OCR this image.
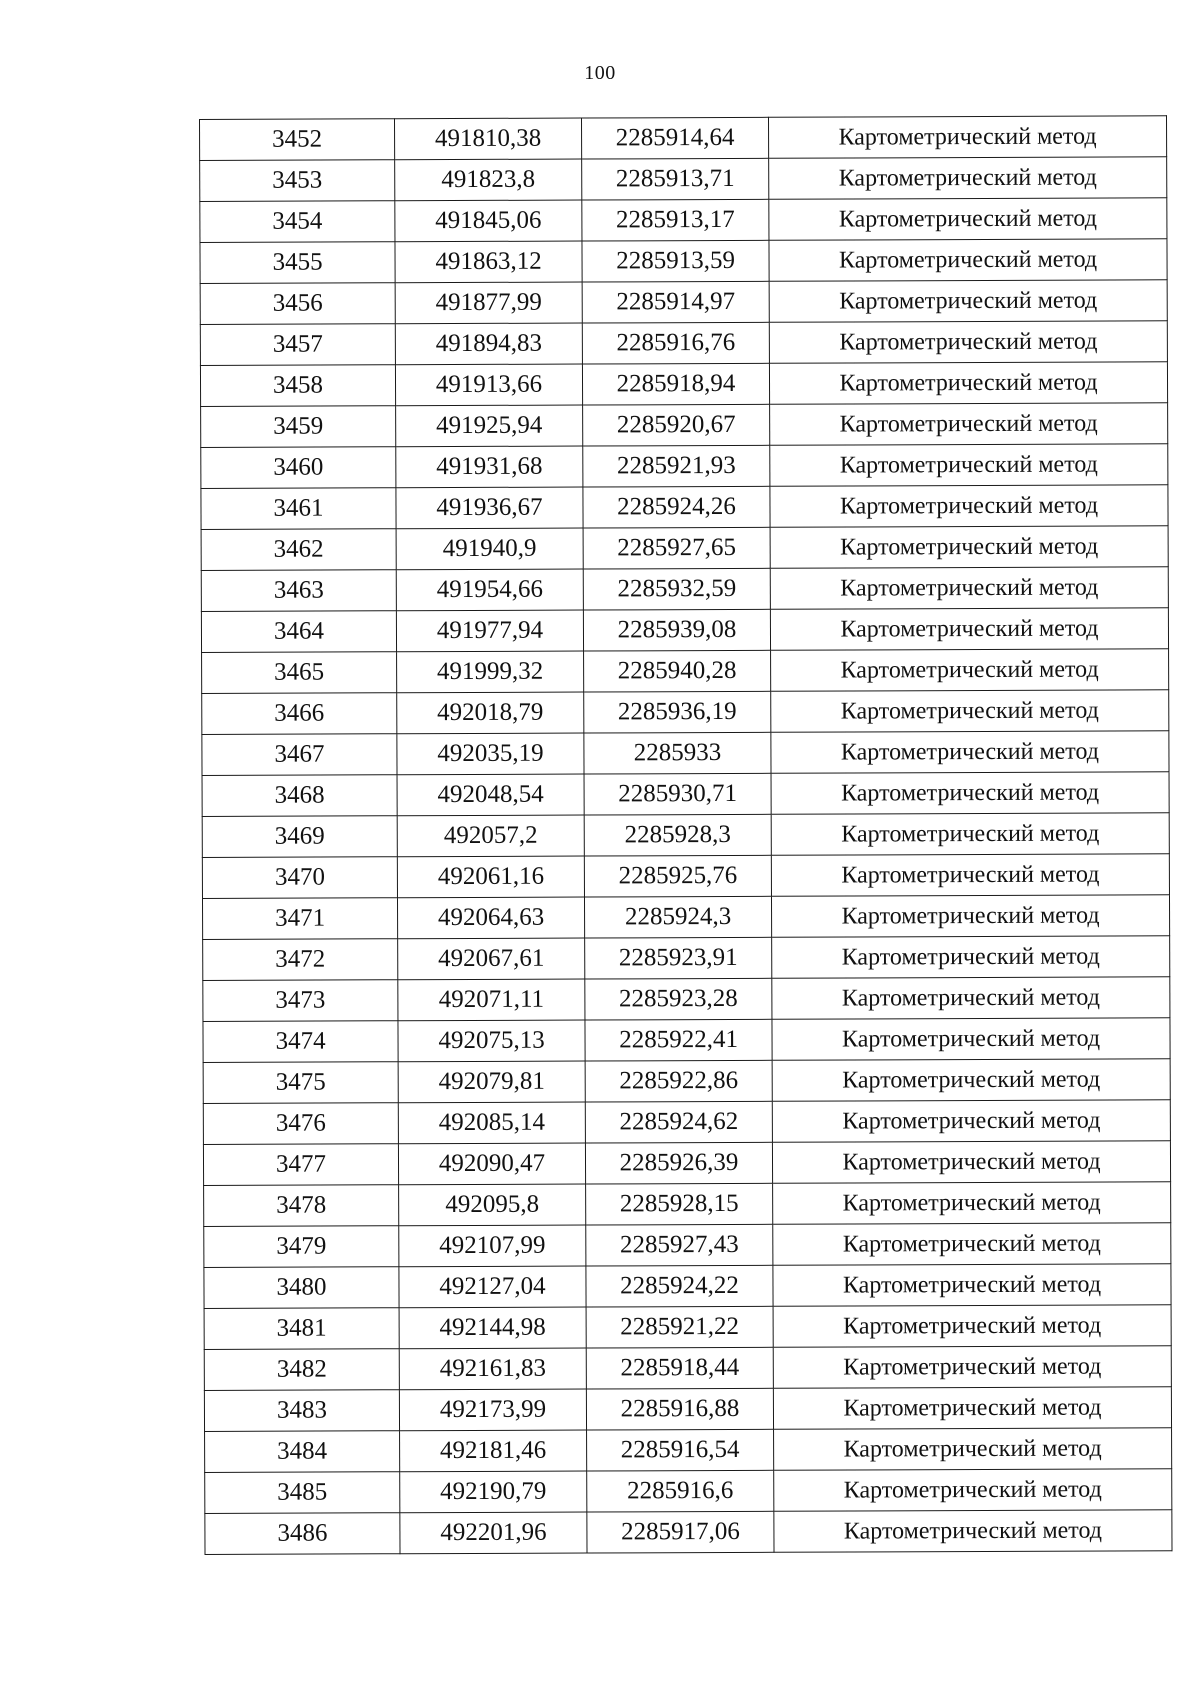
100
3452	491810,38	2285914,64	Картометрический метод
3453	491823,8	2285913,71	Картометрический метод
3454	491845,06	2285913,17	Картометрический метод
3455	491863,12	2285913,59	Картометрический метод
3456	491877,99	2285914,97	Картометрический метод
3457	491894,83	2285916,76	Картометрический метод
3458	491913,66	2285918,94	Картометрический метод
3459	491925,94	2285920,67	Картометрический метод
3460	491931,68	2285921,93	Картометрический метод
3461	491936,67	2285924,26	Картометрический метод
3462	491940,9	2285927,65	Картометрический метод
3463	491954,66	2285932,59	Картометрический метод
3464	491977,94	2285939,08	Картометрический метод
3465	491999,32	2285940,28	Картометрический метод
3466	492018,79	2285936,19	Картометрический метод
3467	492035,19	2285933	Картометрический метод
3468	492048,54	2285930,71	Картометрический метод
3469	492057,2	2285928,3	Картометрический метод
3470	492061,16	2285925,76	Картометрический метод
3471	492064,63	2285924,3	Картометрический метод
3472	492067,61	2285923,91	Картометрический метод
3473	492071,11	2285923,28	Картометрический метод
3474	492075,13	2285922,41	Картометрический метод
3475	492079,81	2285922,86	Картометрический метод
3476	492085,14	2285924,62	Картометрический метод
3477	492090,47	2285926,39	Картометрический метод
3478	492095,8	2285928,15	Картометрический метод
3479	492107,99	2285927,43	Картометрический метод
3480	492127,04	2285924,22	Картометрический метод
3481	492144,98	2285921,22	Картометрический метод
3482	492161,83	2285918,44	Картометрический метод
3483	492173,99	2285916,88	Картометрический метод
3484	492181,46	2285916,54	Картометрический метод
3485	492190,79	2285916,6	Картометрический метод
3486	492201,96	2285917,06	Картометрический метод
